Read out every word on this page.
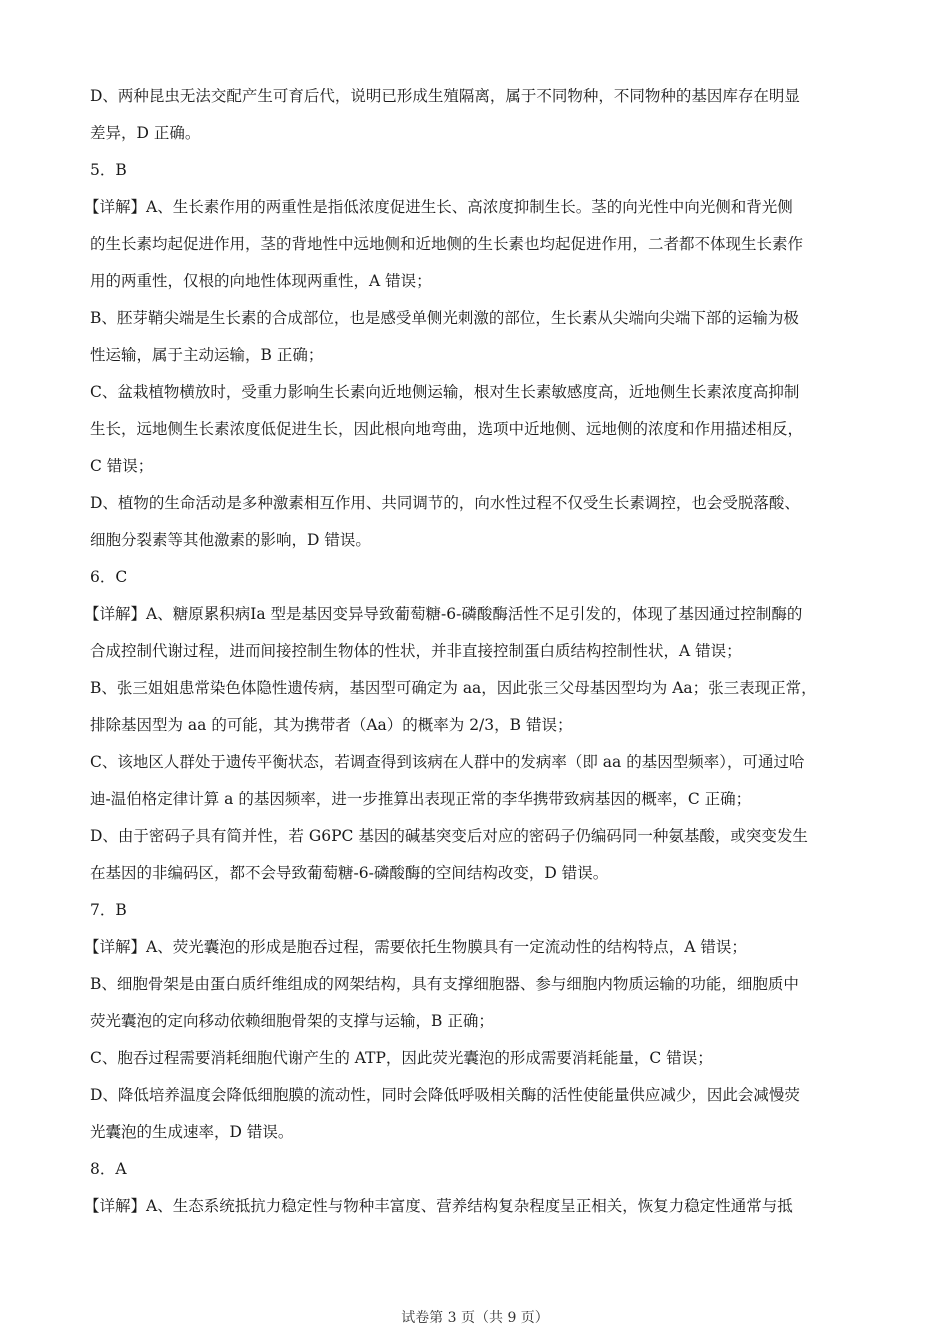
D、两种昆虫无法交配产生可育后代，说明已形成生殖隔离，属于不同物种，不同物种的基因库存在明显
差异，D 正确。
5．B
【详解】A、生长素作用的两重性是指低浓度促进生长、高浓度抑制生长。茎的向光性中向光侧和背光侧
的生长素均起促进作用，茎的背地性中远地侧和近地侧的生长素也均起促进作用，二者都不体现生长素作
用的两重性，仅根的向地性体现两重性，A 错误；
B、胚芽鞘尖端是生长素的合成部位，也是感受单侧光刺激的部位，生长素从尖端向尖端下部的运输为极
性运输，属于主动运输，B 正确；
C、盆栽植物横放时，受重力影响生长素向近地侧运输，根对生长素敏感度高，近地侧生长素浓度高抑制
生长，远地侧生长素浓度低促进生长，因此根向地弯曲，选项中近地侧、远地侧的浓度和作用描述相反，
C 错误；
D、植物的生命活动是多种激素相互作用、共同调节的，向水性过程不仅受生长素调控，也会受脱落酸、
细胞分裂素等其他激素的影响，D 错误。
6．C
【详解】A、糖原累积病Ia 型是基因变异导致葡萄糖-6-磷酸酶活性不足引发的，体现了基因通过控制酶的
合成控制代谢过程，进而间接控制生物体的性状，并非直接控制蛋白质结构控制性状，A 错误；
B、张三姐姐患常染色体隐性遗传病，基因型可确定为 aa，因此张三父母基因型均为 Aa；张三表现正常，
排除基因型为 aa 的可能，其为携带者（Aa）的概率为 2/3，B 错误；
C、该地区人群处于遗传平衡状态，若调查得到该病在人群中的发病率（即 aa 的基因型频率），可通过哈
迪-温伯格定律计算 a 的基因频率，进一步推算出表现正常的李华携带致病基因的概率，C 正确；
D、由于密码子具有简并性，若 G6PC 基因的碱基突变后对应的密码子仍编码同一种氨基酸，或突变发生
在基因的非编码区，都不会导致葡萄糖-6-磷酸酶的空间结构改变，D 错误。
7．B
【详解】A、荧光囊泡的形成是胞吞过程，需要依托生物膜具有一定流动性的结构特点，A 错误；
B、细胞骨架是由蛋白质纤维组成的网架结构，具有支撑细胞器、参与细胞内物质运输的功能，细胞质中
荧光囊泡的定向移动依赖细胞骨架的支撑与运输，B 正确；
C、胞吞过程需要消耗细胞代谢产生的 ATP，因此荧光囊泡的形成需要消耗能量，C 错误；
D、降低培养温度会降低细胞膜的流动性，同时会降低呼吸相关酶的活性使能量供应减少，因此会减慢荧
光囊泡的生成速率，D 错误。
8．A
【详解】A、生态系统抵抗力稳定性与物种丰富度、营养结构复杂程度呈正相关，恢复力稳定性通常与抵
试卷第 3 页（共 9 页）
